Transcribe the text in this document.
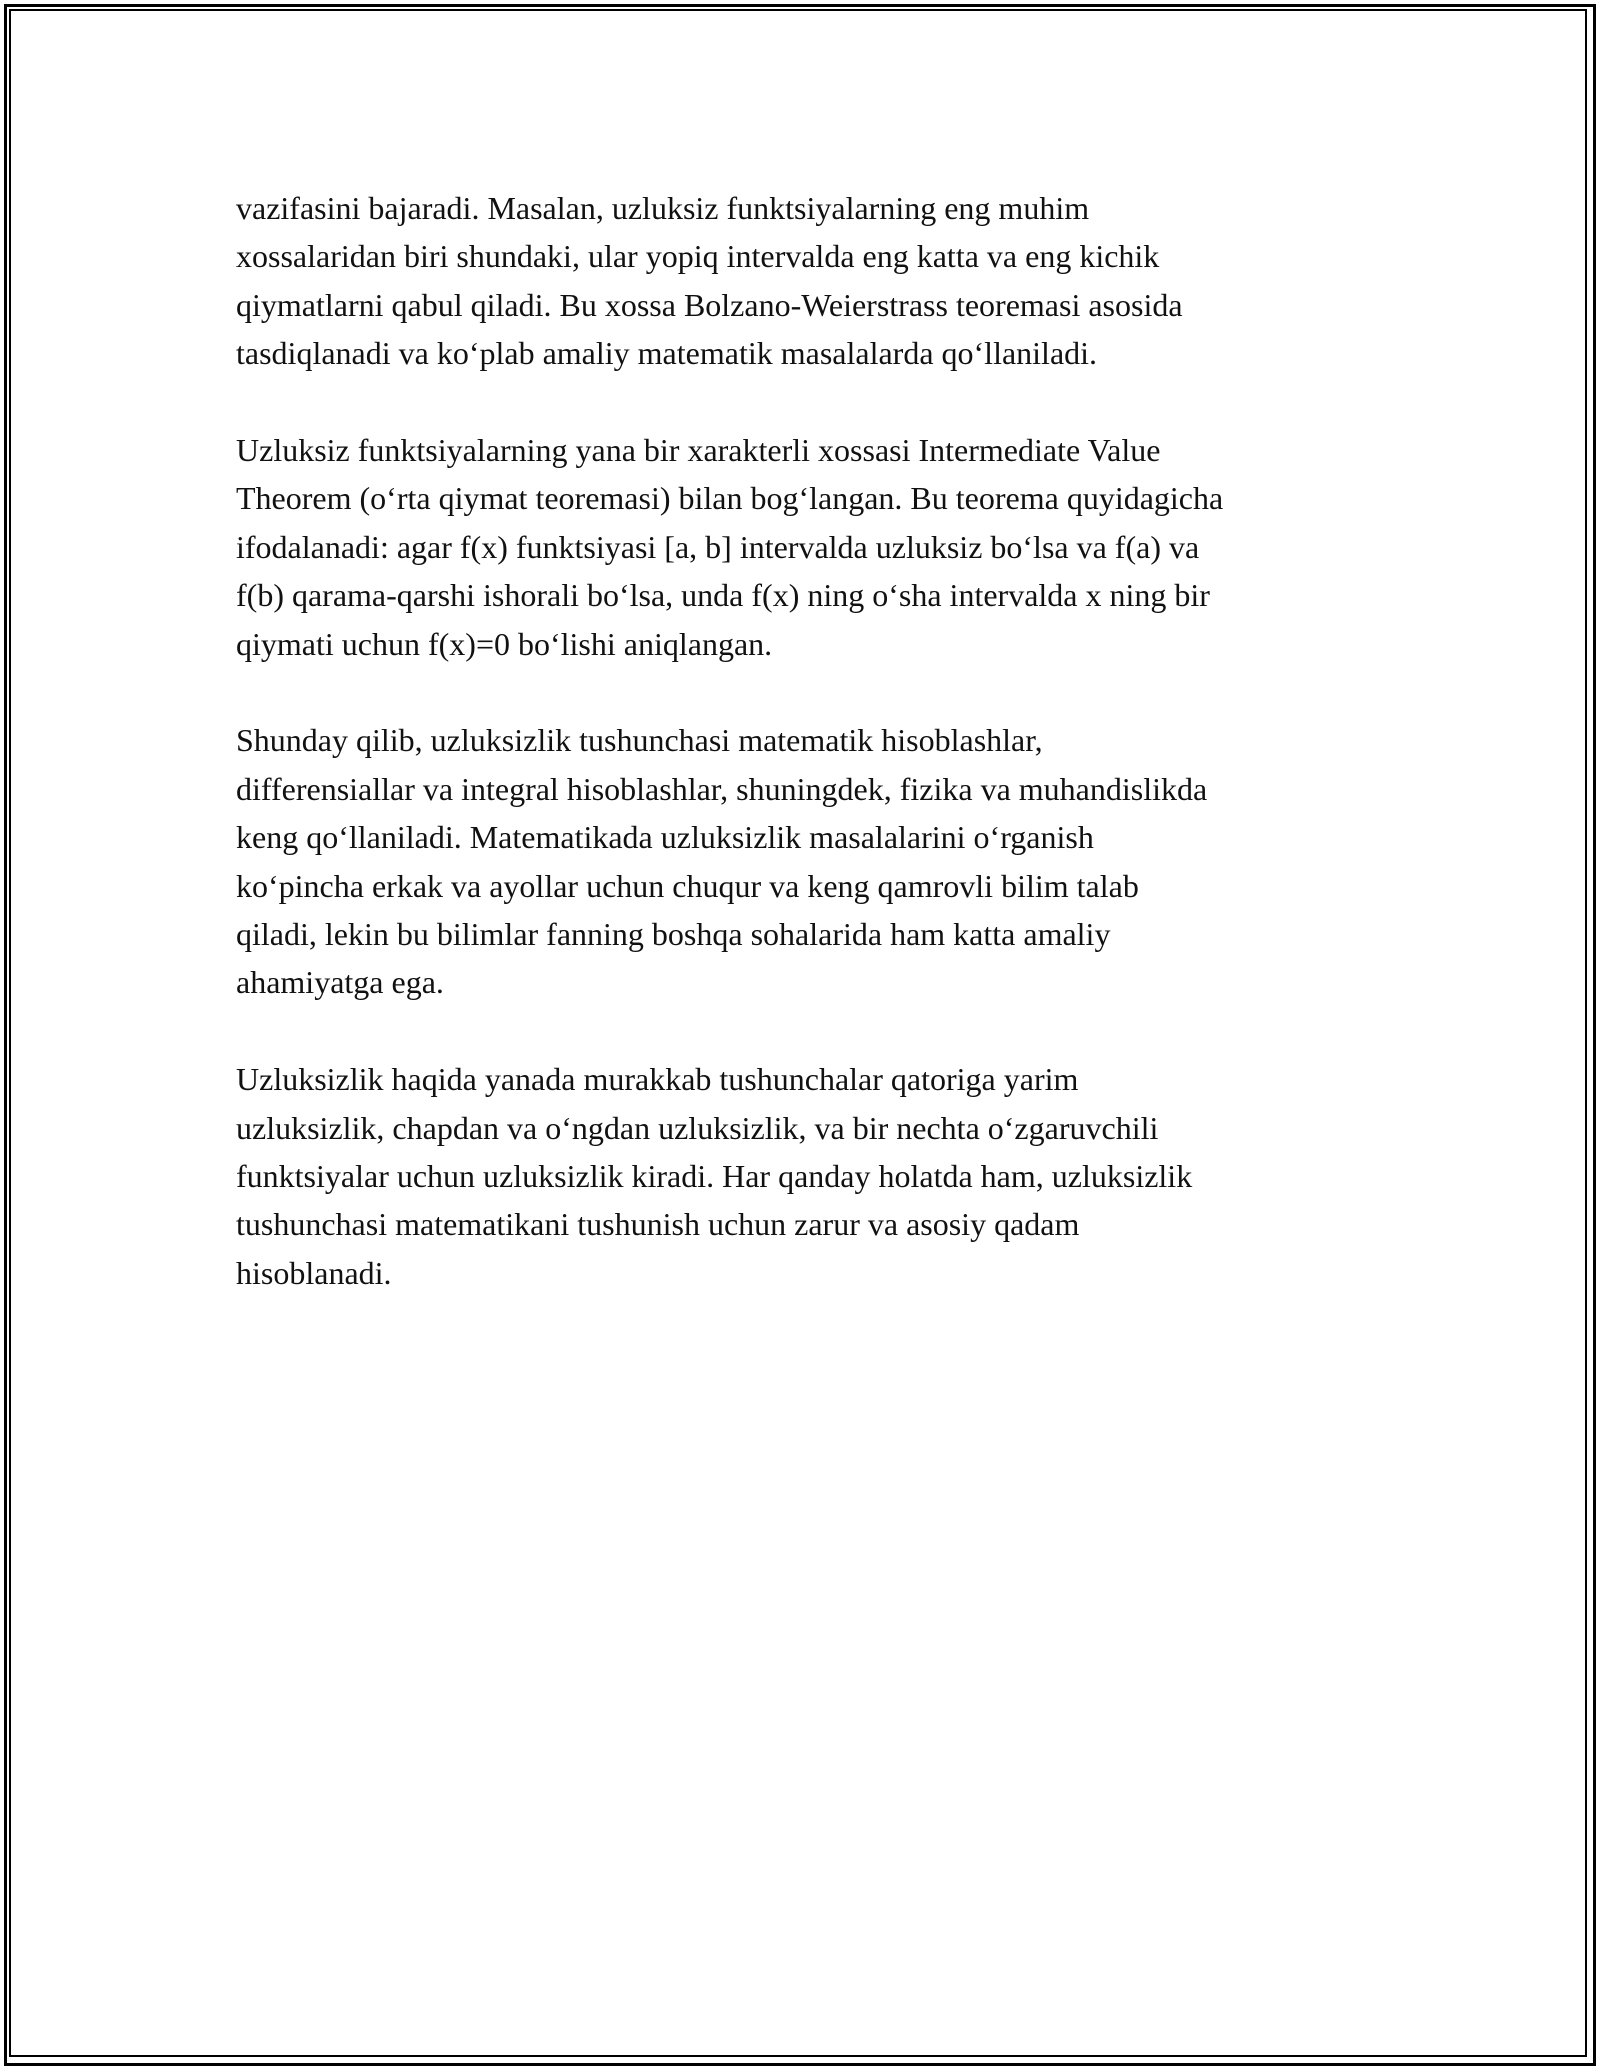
vazifasini bajaradi. Masalan, uzluksiz funktsiyalarning eng muhim
xossalaridan biri shundaki, ular yopiq intervalda eng katta va eng kichik
qiymatlarni qabul qiladi. Bu xossa Bolzano-Weierstrass teoremasi asosida
tasdiqlanadi va ko‘plab amaliy matematik masalalarda qo‘llaniladi.

Uzluksiz funktsiyalarning yana bir xarakterli xossasi Intermediate Value
Theorem (o‘rta qiymat teoremasi) bilan bog‘langan. Bu teorema quyidagicha
ifodalanadi: agar f(x) funktsiyasi [a, b] intervalda uzluksiz bo‘lsa va f(a) va
f(b) qarama-qarshi ishorali bo‘lsa, unda f(x) ning o‘sha intervalda x ning bir
qiymati uchun f(x)=0 bo‘lishi aniqlangan.

Shunday qilib, uzluksizlik tushunchasi matematik hisoblashlar,
differensiallar va integral hisoblashlar, shuningdek, fizika va muhandislikda
keng qo‘llaniladi. Matematikada uzluksizlik masalalarini o‘rganish
ko‘pincha erkak va ayollar uchun chuqur va keng qamrovli bilim talab
qiladi, lekin bu bilimlar fanning boshqa sohalarida ham katta amaliy
ahamiyatga ega.

Uzluksizlik haqida yanada murakkab tushunchalar qatoriga yarim
uzluksizlik, chapdan va o‘ngdan uzluksizlik, va bir nechta o‘zgaruvchili
funktsiyalar uchun uzluksizlik kiradi. Har qanday holatda ham, uzluksizlik
tushunchasi matematikani tushunish uchun zarur va asosiy qadam
hisoblanadi.
